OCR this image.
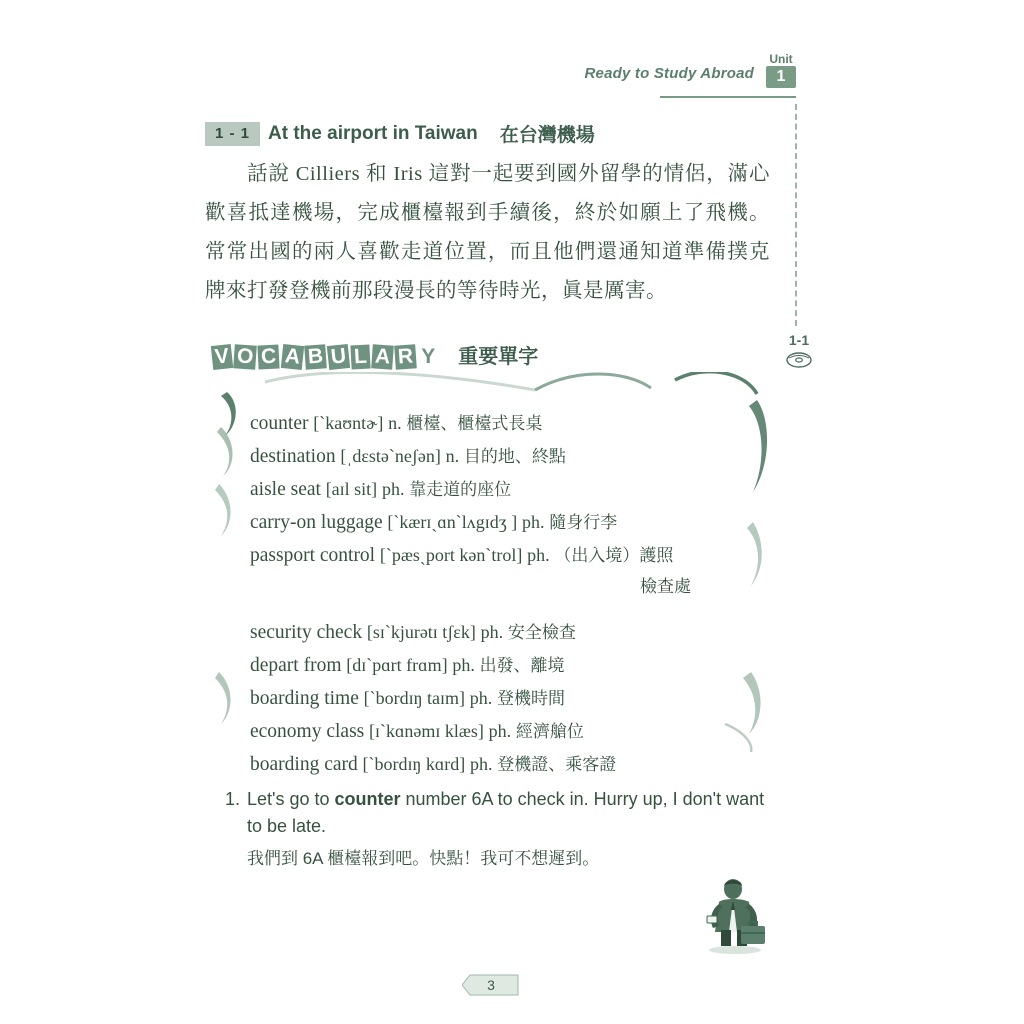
Ready to Study Abroad
Unit
1
1-1
1 - 1 At the airport in Taiwan 在台灣機場
話說 Cilliers 和 Iris 這對一起要到國外留學的情侶，滿心歡喜抵達機場，完成櫃檯報到手續後，終於如願上了飛機。常常出國的兩人喜歡走道位置，而且他們還通知道準備撲克牌來打發登機前那段漫長的等待時光，眞是厲害。
V O C A B U L A R Y 重要單字
counter [ˋkaʊntɚ] n. 櫃檯、櫃檯式長桌
destination [ˌdɛstəˋneʃən] n. 目的地、終點
aisle seat [aɪl sit] ph. 靠走道的座位
carry-on luggage [ˋkærɪˏɑnˋlʌgɪdʒ ] ph. 隨身行李
passport control [ˋpæsˏport kənˋtrol] ph. （出入境）護照
檢查處
security check [sɪˋkjurətɪ tʃɛk] ph. 安全檢查
depart from [dɪˋpɑrt frɑm] ph. 出發、離境
boarding time [ˋbordɪŋ taɪm] ph. 登機時間
economy class [ɪˋkɑnəmɪ klæs] ph. 經濟艙位
boarding card [ˋbordɪŋ kɑrd] ph. 登機證、乘客證
1. Let's go to counter number 6A to check in. Hurry up, I don't want to be late.
我們到 6A 櫃檯報到吧。快點！我可不想遲到。
3
